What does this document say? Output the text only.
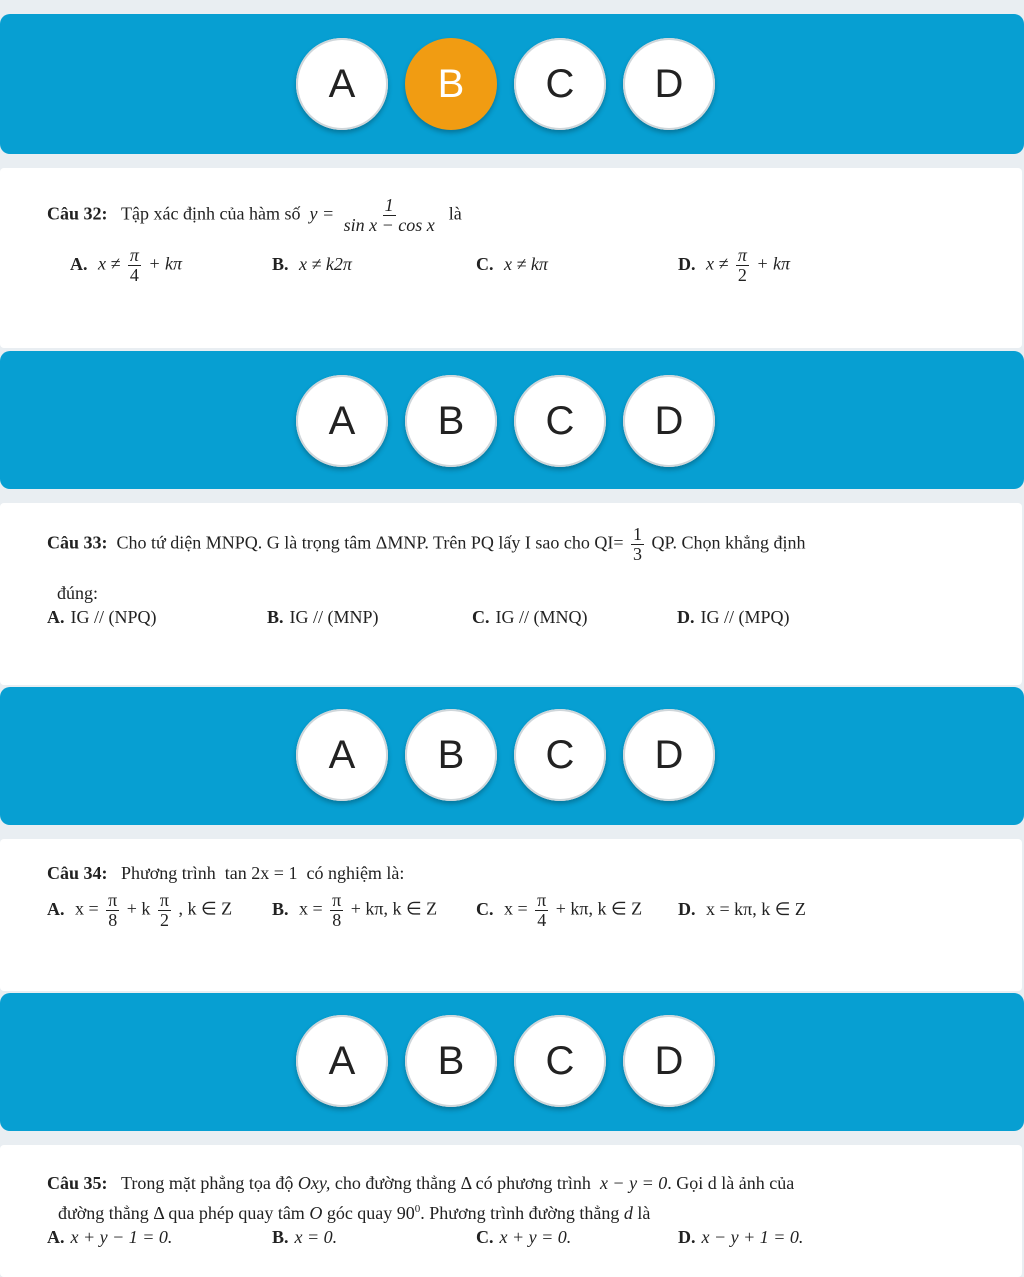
A	B	C	D
Câu 32: Tập xác định của hàm số $y = \frac{1}{\text{sin x − cos x}}$ là
A. $x \ne \frac{\pi}{4} + k\pi$	B. x ≠ k2π	C. x ≠ kπ	D. $x \ne \frac{\pi}{2} + k\pi$
A	B	C	D
Câu 33: Cho tứ diện MNPQ. G là trọng tâm ΔMNP. Trên PQ lấy I sao cho $QI= \frac{1}{3}$ QP. Chọn khẳng định
đúng:
A. IG // (NPQ)	B. IG // (MNP)	C. IG // (MNQ)	D. IG // (MPQ)
A	B	C	D
Câu 34: Phương trình tan 2x = 1 có nghiệm là:
A. $x = \frac{\pi}{8} + k \frac{\pi}{2}$ , k ∈ Z B. $x = \frac{\pi}{8} + k\pi$, k ∈ Z C. $x = \frac{\pi}{4} + k\pi$, k ∈ Z D. x = kπ, k ∈ Z
A	B	C	D
Câu 35: Trong mặt phẳng tọa độ Oxy, cho đường thẳng Δ có phương trình x − y = 0. Gọi d là ảnh của
đường thẳng Δ qua phép quay tâm O góc quay $90^0$. Phương trình đường thẳng d là
A. x + y − 1 = 0.	B. x = 0.	C. x + y = 0.	D. x − y + 1 = 0.
